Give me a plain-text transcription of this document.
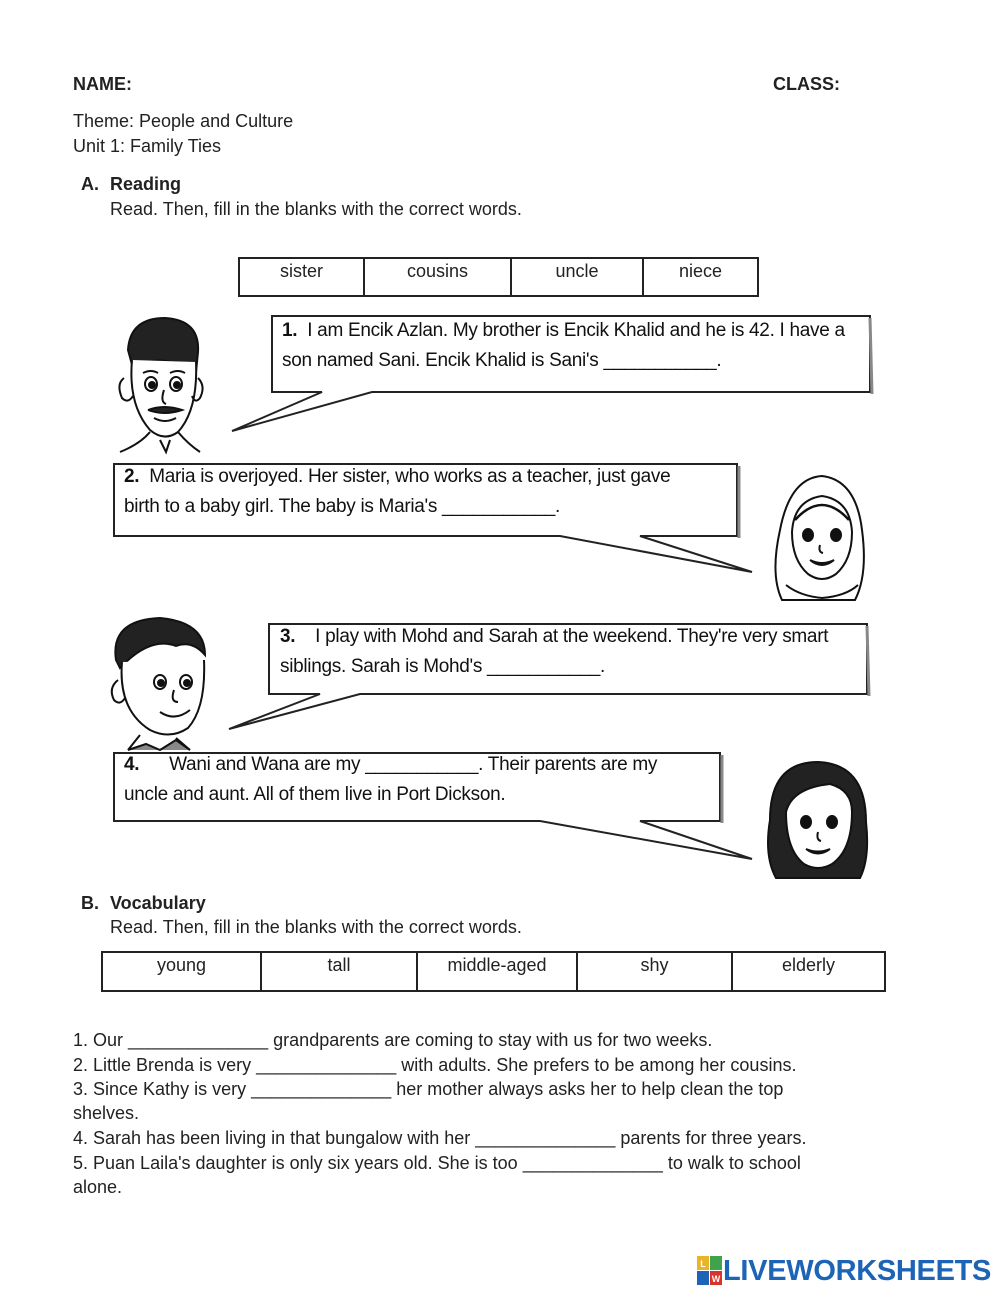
NAME:	CLASS:
Theme: People and Culture
Unit 1: Family Ties
A. Reading
Read. Then, fill in the blanks with the correct words.
sister	cousins	uncle	niece
1. I am Encik Azlan. My brother is Encik Khalid and he is 42. I have a
son named Sani. Encik Khalid is Sani's ___________.
2. Maria is overjoyed. Her sister, who works as a teacher, just gave
birth to a baby girl. The baby is Maria's ___________.
3. I play with Mohd and Sarah at the weekend. They're very smart
siblings. Sarah is Mohd's ___________.
4. Wani and Wana are my ___________. Their parents are my
uncle and aunt. All of them live in Port Dickson.
B. Vocabulary
Read. Then, fill in the blanks with the correct words.
young	tall	middle-aged	shy	elderly
1. Our ______________ grandparents are coming to stay with us for two weeks.
2. Little Brenda is very ______________ with adults. She prefers to be among her cousins.
3. Since Kathy is very ______________ her mother always asks her to help clean the top
shelves.
4. Sarah has been living in that bungalow with her ______________ parents for three years.
5. Puan Laila's daughter is only six years old. She is too ______________ to walk to school
alone.
L
W LIVEWORKSHEETS
